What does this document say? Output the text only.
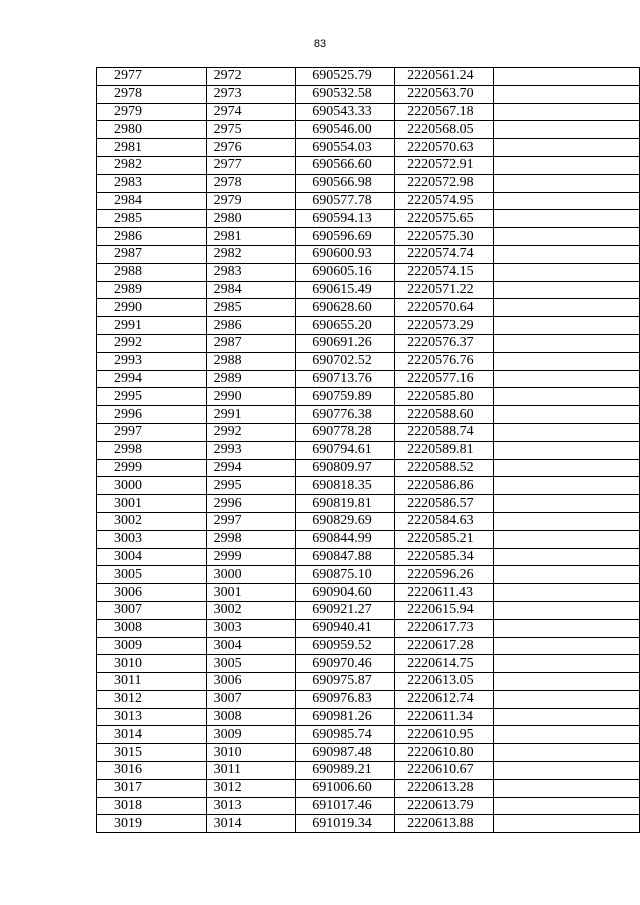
83
2977	2972	690525.79	2220561.24	
2978	2973	690532.58	2220563.70	
2979	2974	690543.33	2220567.18	
2980	2975	690546.00	2220568.05	
2981	2976	690554.03	2220570.63	
2982	2977	690566.60	2220572.91	
2983	2978	690566.98	2220572.98	
2984	2979	690577.78	2220574.95	
2985	2980	690594.13	2220575.65	
2986	2981	690596.69	2220575.30	
2987	2982	690600.93	2220574.74	
2988	2983	690605.16	2220574.15	
2989	2984	690615.49	2220571.22	
2990	2985	690628.60	2220570.64	
2991	2986	690655.20	2220573.29	
2992	2987	690691.26	2220576.37	
2993	2988	690702.52	2220576.76	
2994	2989	690713.76	2220577.16	
2995	2990	690759.89	2220585.80	
2996	2991	690776.38	2220588.60	
2997	2992	690778.28	2220588.74	
2998	2993	690794.61	2220589.81	
2999	2994	690809.97	2220588.52	
3000	2995	690818.35	2220586.86	
3001	2996	690819.81	2220586.57	
3002	2997	690829.69	2220584.63	
3003	2998	690844.99	2220585.21	
3004	2999	690847.88	2220585.34	
3005	3000	690875.10	2220596.26	
3006	3001	690904.60	2220611.43	
3007	3002	690921.27	2220615.94	
3008	3003	690940.41	2220617.73	
3009	3004	690959.52	2220617.28	
3010	3005	690970.46	2220614.75	
3011	3006	690975.87	2220613.05	
3012	3007	690976.83	2220612.74	
3013	3008	690981.26	2220611.34	
3014	3009	690985.74	2220610.95	
3015	3010	690987.48	2220610.80	
3016	3011	690989.21	2220610.67	
3017	3012	691006.60	2220613.28	
3018	3013	691017.46	2220613.79	
3019	3014	691019.34	2220613.88	
